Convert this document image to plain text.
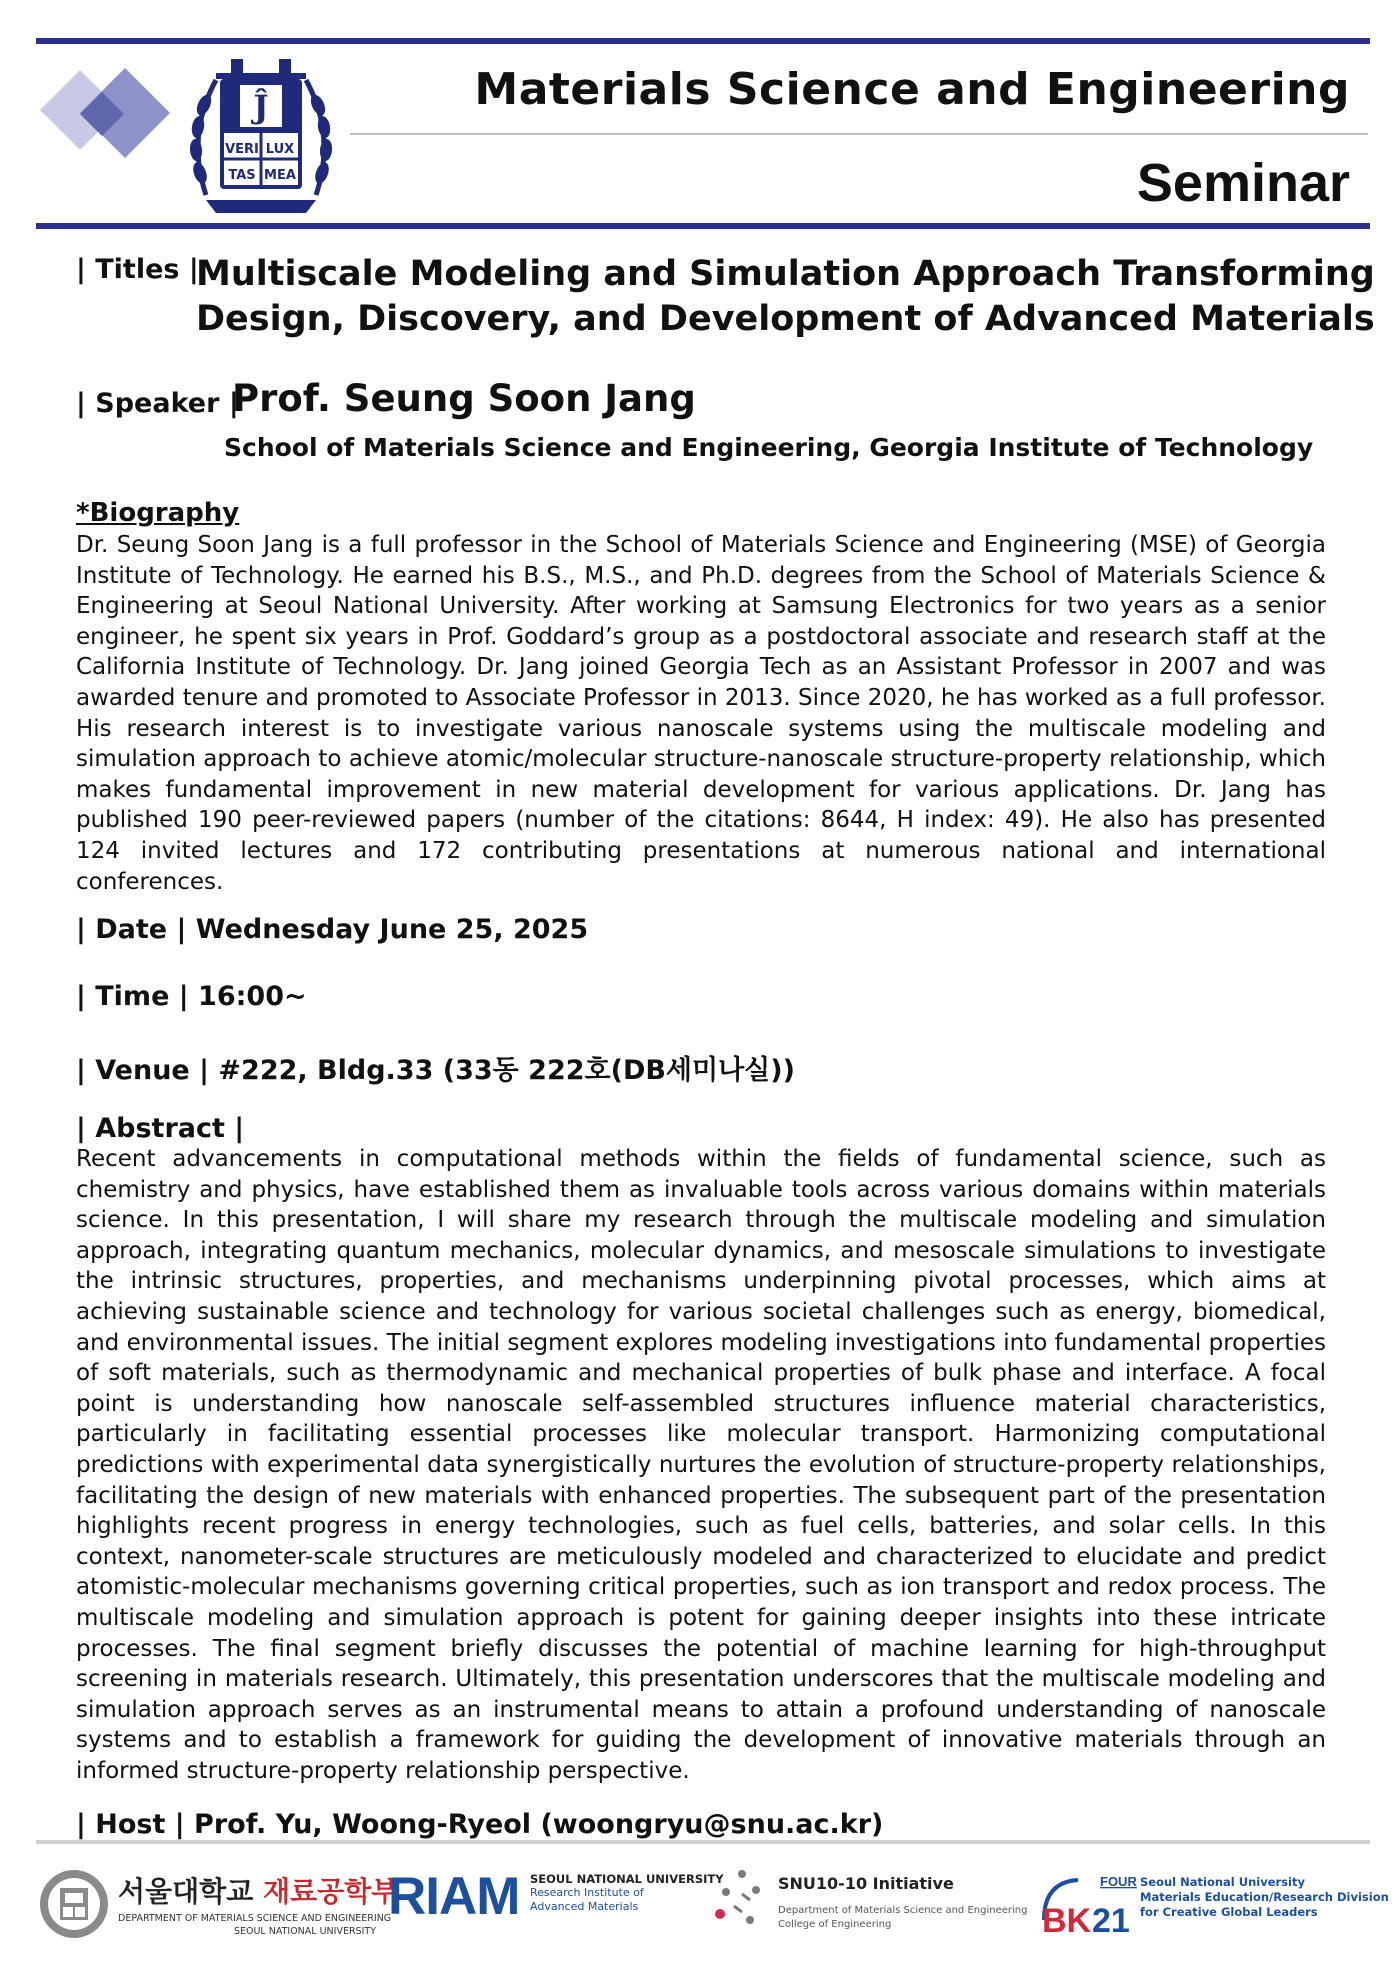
Ĵ
VERI LUX
TAS MEA
Materials Science and Engineering
Seminar
| Titles |
Multiscale Modeling and Simulation Approach Transforming
Design, Discovery, and Development of Advanced Materials
| Speaker |
Prof. Seung Soon Jang
School of Materials Science and Engineering, Georgia Institute of Technology
*Biography
Dr. Seung Soon Jang is a full professor in the School of Materials Science and Engineering (MSE) of Georgia Institute of Technology. He earned his B.S., M.S., and Ph.D. degrees from the School of Materials Science & Engineering at Seoul National University. After working at Samsung Electronics for two years as a senior engineer, he spent six years in Prof. Goddard’s group as a postdoctoral associate and research staff at the California Institute of Technology. Dr. Jang joined Georgia Tech as an Assistant Professor in 2007 and was awarded tenure and promoted to Associate Professor in 2013. Since 2020, he has worked as a full professor. His research interest is to investigate various nanoscale systems using the multiscale modeling and simulation approach to achieve atomic/molecular structure-nanoscale structure-property relationship, which makes fundamental improvement in new material development for various applications. Dr. Jang has published 190 peer-reviewed papers (number of the citations: 8644, H index: 49). He also has presented 124 invited lectures and 172 contributing presentations at numerous national and international conferences.
| Date | Wednesday June 25, 2025
| Time | 16:00~
| Venue | #222, Bldg.33 (33동 222호(DB세미나실))
| Abstract |
Recent advancements in computational methods within the fields of fundamental science, such as chemistry and physics, have established them as invaluable tools across various domains within materials science. In this presentation, I will share my research through the multiscale modeling and simulation approach, integrating quantum mechanics, molecular dynamics, and mesoscale simulations to investigate the intrinsic structures, properties, and mechanisms underpinning pivotal processes, which aims at achieving sustainable science and technology for various societal challenges such as energy, biomedical, and environmental issues. The initial segment explores modeling investigations into fundamental properties of soft materials, such as thermodynamic and mechanical properties of bulk phase and interface. A focal point is understanding how nanoscale self-assembled structures influence material characteristics, particularly in facilitating essential processes like molecular transport. Harmonizing computational predictions with experimental data synergistically nurtures the evolution of structure-property relationships, facilitating the design of new materials with enhanced properties. The subsequent part of the presentation highlights recent progress in energy technologies, such as fuel cells, batteries, and solar cells. In this context, nanometer-scale structures are meticulously modeled and characterized to elucidate and predict atomistic-molecular mechanisms governing critical properties, such as ion transport and redox process. The multiscale modeling and simulation approach is potent for gaining deeper insights into these intricate processes. The final segment briefly discusses the potential of machine learning for high-throughput screening in materials research. Ultimately, this presentation underscores that the multiscale modeling and simulation approach serves as an instrumental means to attain a profound understanding of nanoscale systems and to establish a framework for guiding the development of innovative materials through an informed structure-property relationship perspective.
| Host | Prof. Yu, Woong-Ryeol (woongryu@snu.ac.kr)
서울대학교 재료공학부
DEPARTMENT OF MATERIALS SCIENCE AND ENGINEERING
SEOUL NATIONAL UNIVERSITY
RIAM SEOUL NATIONAL UNIVERSITY
Research Institute of
Advanced Materials
SNU10-10 Initiative
Department of Materials Science and Engineering
College of Engineering
FOUR
BK 21
Seoul National University
Materials Education/Research Division
for Creative Global Leaders
